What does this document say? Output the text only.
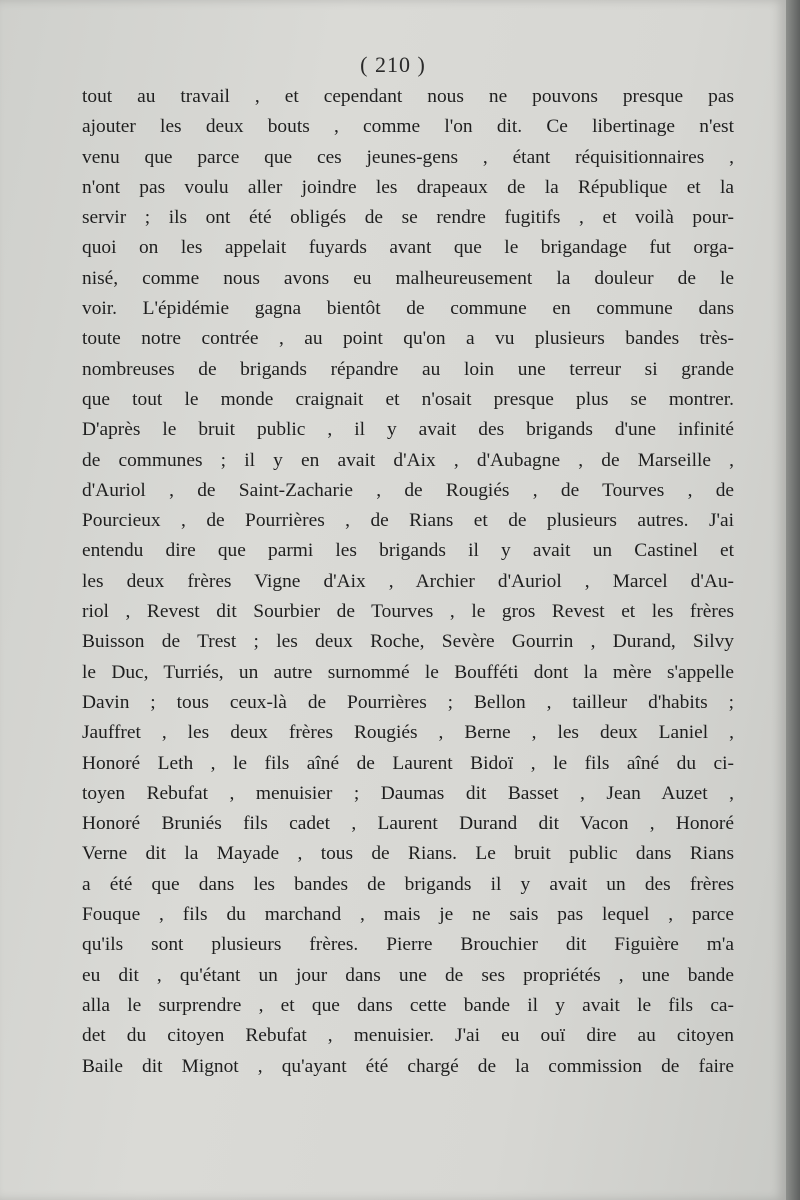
( 210 )
tout au travail , et cependant nous ne pouvons presque pas
ajouter les deux bouts , comme l'on dit. Ce libertinage n'est
venu que parce que ces jeunes-gens , étant réquisitionnaires ,
n'ont pas voulu aller joindre les drapeaux de la République et la
servir ; ils ont été obligés de se rendre fugitifs , et voilà pour-
quoi on les appelait fuyards avant que le brigandage fut orga-
nisé, comme nous avons eu malheureusement la douleur de le
voir. L'épidémie gagna bientôt de commune en commune dans
toute notre contrée , au point qu'on a vu plusieurs bandes très-
nombreuses de brigands répandre au loin une terreur si grande
que tout le monde craignait et n'osait presque plus se montrer.
D'après le bruit public , il y avait des brigands d'une infinité
de communes ; il y en avait d'Aix , d'Aubagne , de Marseille ,
d'Auriol , de Saint-Zacharie , de Rougiés , de Tourves , de
Pourcieux , de Pourrières , de Rians et de plusieurs autres. J'ai
entendu dire que parmi les brigands il y avait un Castinel et
les deux frères Vigne d'Aix , Archier d'Auriol , Marcel d'Au-
riol , Revest dit Sourbier de Tourves , le gros Revest et les frères
Buisson de Trest ; les deux Roche, Sevère Gourrin , Durand, Silvy
le Duc, Turriés, un autre surnommé le Boufféti dont la mère s'appelle
Davin ; tous ceux-là de Pourrières ; Bellon , tailleur d'habits ;
Jauffret , les deux frères Rougiés , Berne , les deux Laniel ,
Honoré Leth , le fils aîné de Laurent Bidoï , le fils aîné du ci-
toyen Rebufat , menuisier ; Daumas dit Basset , Jean Auzet ,
Honoré Bruniés fils cadet , Laurent Durand dit Vacon , Honoré
Verne dit la Mayade , tous de Rians. Le bruit public dans Rians
a été que dans les bandes de brigands il y avait un des frères
Fouque , fils du marchand , mais je ne sais pas lequel , parce
qu'ils sont plusieurs frères. Pierre Brouchier dit Figuière m'a
eu dit , qu'étant un jour dans une de ses propriétés , une bande
alla le surprendre , et que dans cette bande il y avait le fils ca-
det du citoyen Rebufat , menuisier. J'ai eu ouï dire au citoyen
Baile dit Mignot , qu'ayant été chargé de la commission de faire
